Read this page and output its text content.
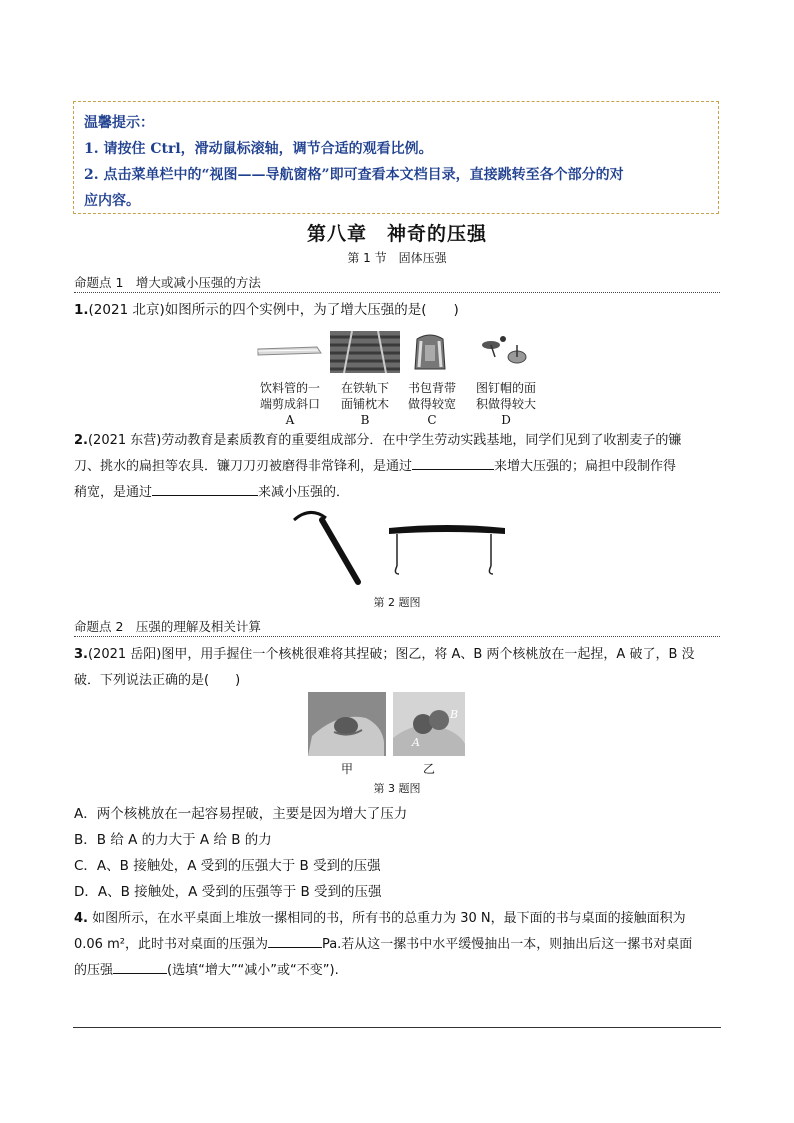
温馨提示：
1. 请按住 Ctrl，滑动鼠标滚轴，调节合适的观看比例。
2. 点击菜单栏中的“视图——导航窗格”即可查看本文档目录，直接跳转至各个部分的对
应内容。
第八章　神奇的压强
第 1 节　固体压强
命题点 1　增大或减小压强的方法
1.(2021 北京)如图所示的四个实例中，为了增大压强的是(　　)
饮料管的一
端剪成斜口
A
在铁轨下
面铺枕木
B
书包背带
做得较宽
C
图钉帽的面
积做得较大
D
2.(2021 东营)劳动教育是素质教育的重要组成部分．在中学生劳动实践基地，同学们见到了收割麦子的镰
刀、挑水的扁担等农具．镰刀刀刃被磨得非常锋利，是通过	来增大压强的；扁担中段制作得
稍宽，是通过	来减小压强的．
第 2 题图
命题点 2　压强的理解及相关计算
3.(2021 岳阳)图甲，用手握住一个核桃很难将其捏破；图乙，将 A、B 两个核桃放在一起捏，A 破了，B 没
破．下列说法正确的是(　　)
B
A
甲	乙
第 3 题图
A．两个核桃放在一起容易捏破，主要是因为增大了压力
B．B 给 A 的力大于 A 给 B 的力
C．A、B 接触处，A 受到的压强大于 B 受到的压强
D．A、B 接触处，A 受到的压强等于 B 受到的压强
4. 如图所示，在水平桌面上堆放一摞相同的书，所有书的总重力为 30 N，最下面的书与桌面的接触面积为
0.06 m²，此时书对桌面的压强为	Pa.若从这一摞书中水平缓慢抽出一本，则抽出后这一摞书对桌面
的压强	(选填“增大”“减小”或“不变”).
